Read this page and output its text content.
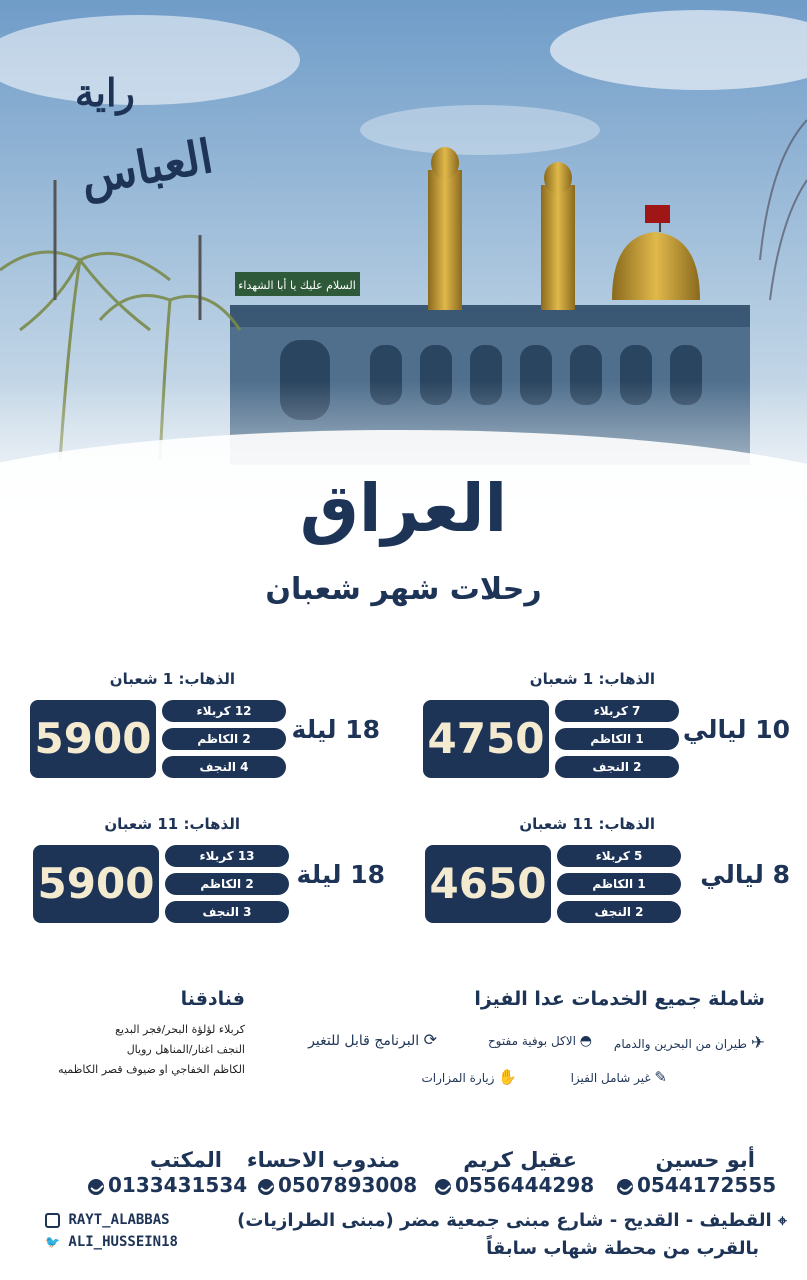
السلام عليك يا أبا الشهداء
راية
العباس
العراق
رحلات شهر شعبان
الذهاب: 1 شعبان
4750
7 كربلاء
1 الكاظم
2 النجف
10 ليالي
الذهاب: 1 شعبان
5900
12 كربلاء
2 الكاظم
4 النجف
18 ليلة
الذهاب: 11 شعبان
4650
5 كربلاء
1 الكاظم
2 النجف
8 ليالي
الذهاب: 11 شعبان
5900
13 كربلاء
2 الكاظم
3 النجف
18 ليلة
شاملة جميع الخدمات عدا الفيزا
✈ طيران من البحرين والدمام
◓ الاكل بوفية مفتوح
⟳ البرنامج قابل للتغير
✎ غير شامل الفيزا
✋ زيارة المزارات
فنادقنا
كربلاء لؤلؤة البحر/فجر البديع
النجف اغنار/المناهل رويال
الكاظم الخفاجي او ضيوف قصر الكاظميه
أبو حسين
0544172555
عقيل كريم
0556444298
مندوب الاحساء
0507893008
المكتب
0133431534
⌖ القطيف - القديح - شارع مبنى جمعية مضر (مبنى الطرازيات)
بالقرب من محطة شهاب سابقاً
RAYT_ALABBAS
🐦 ALI_HUSSEIN18
